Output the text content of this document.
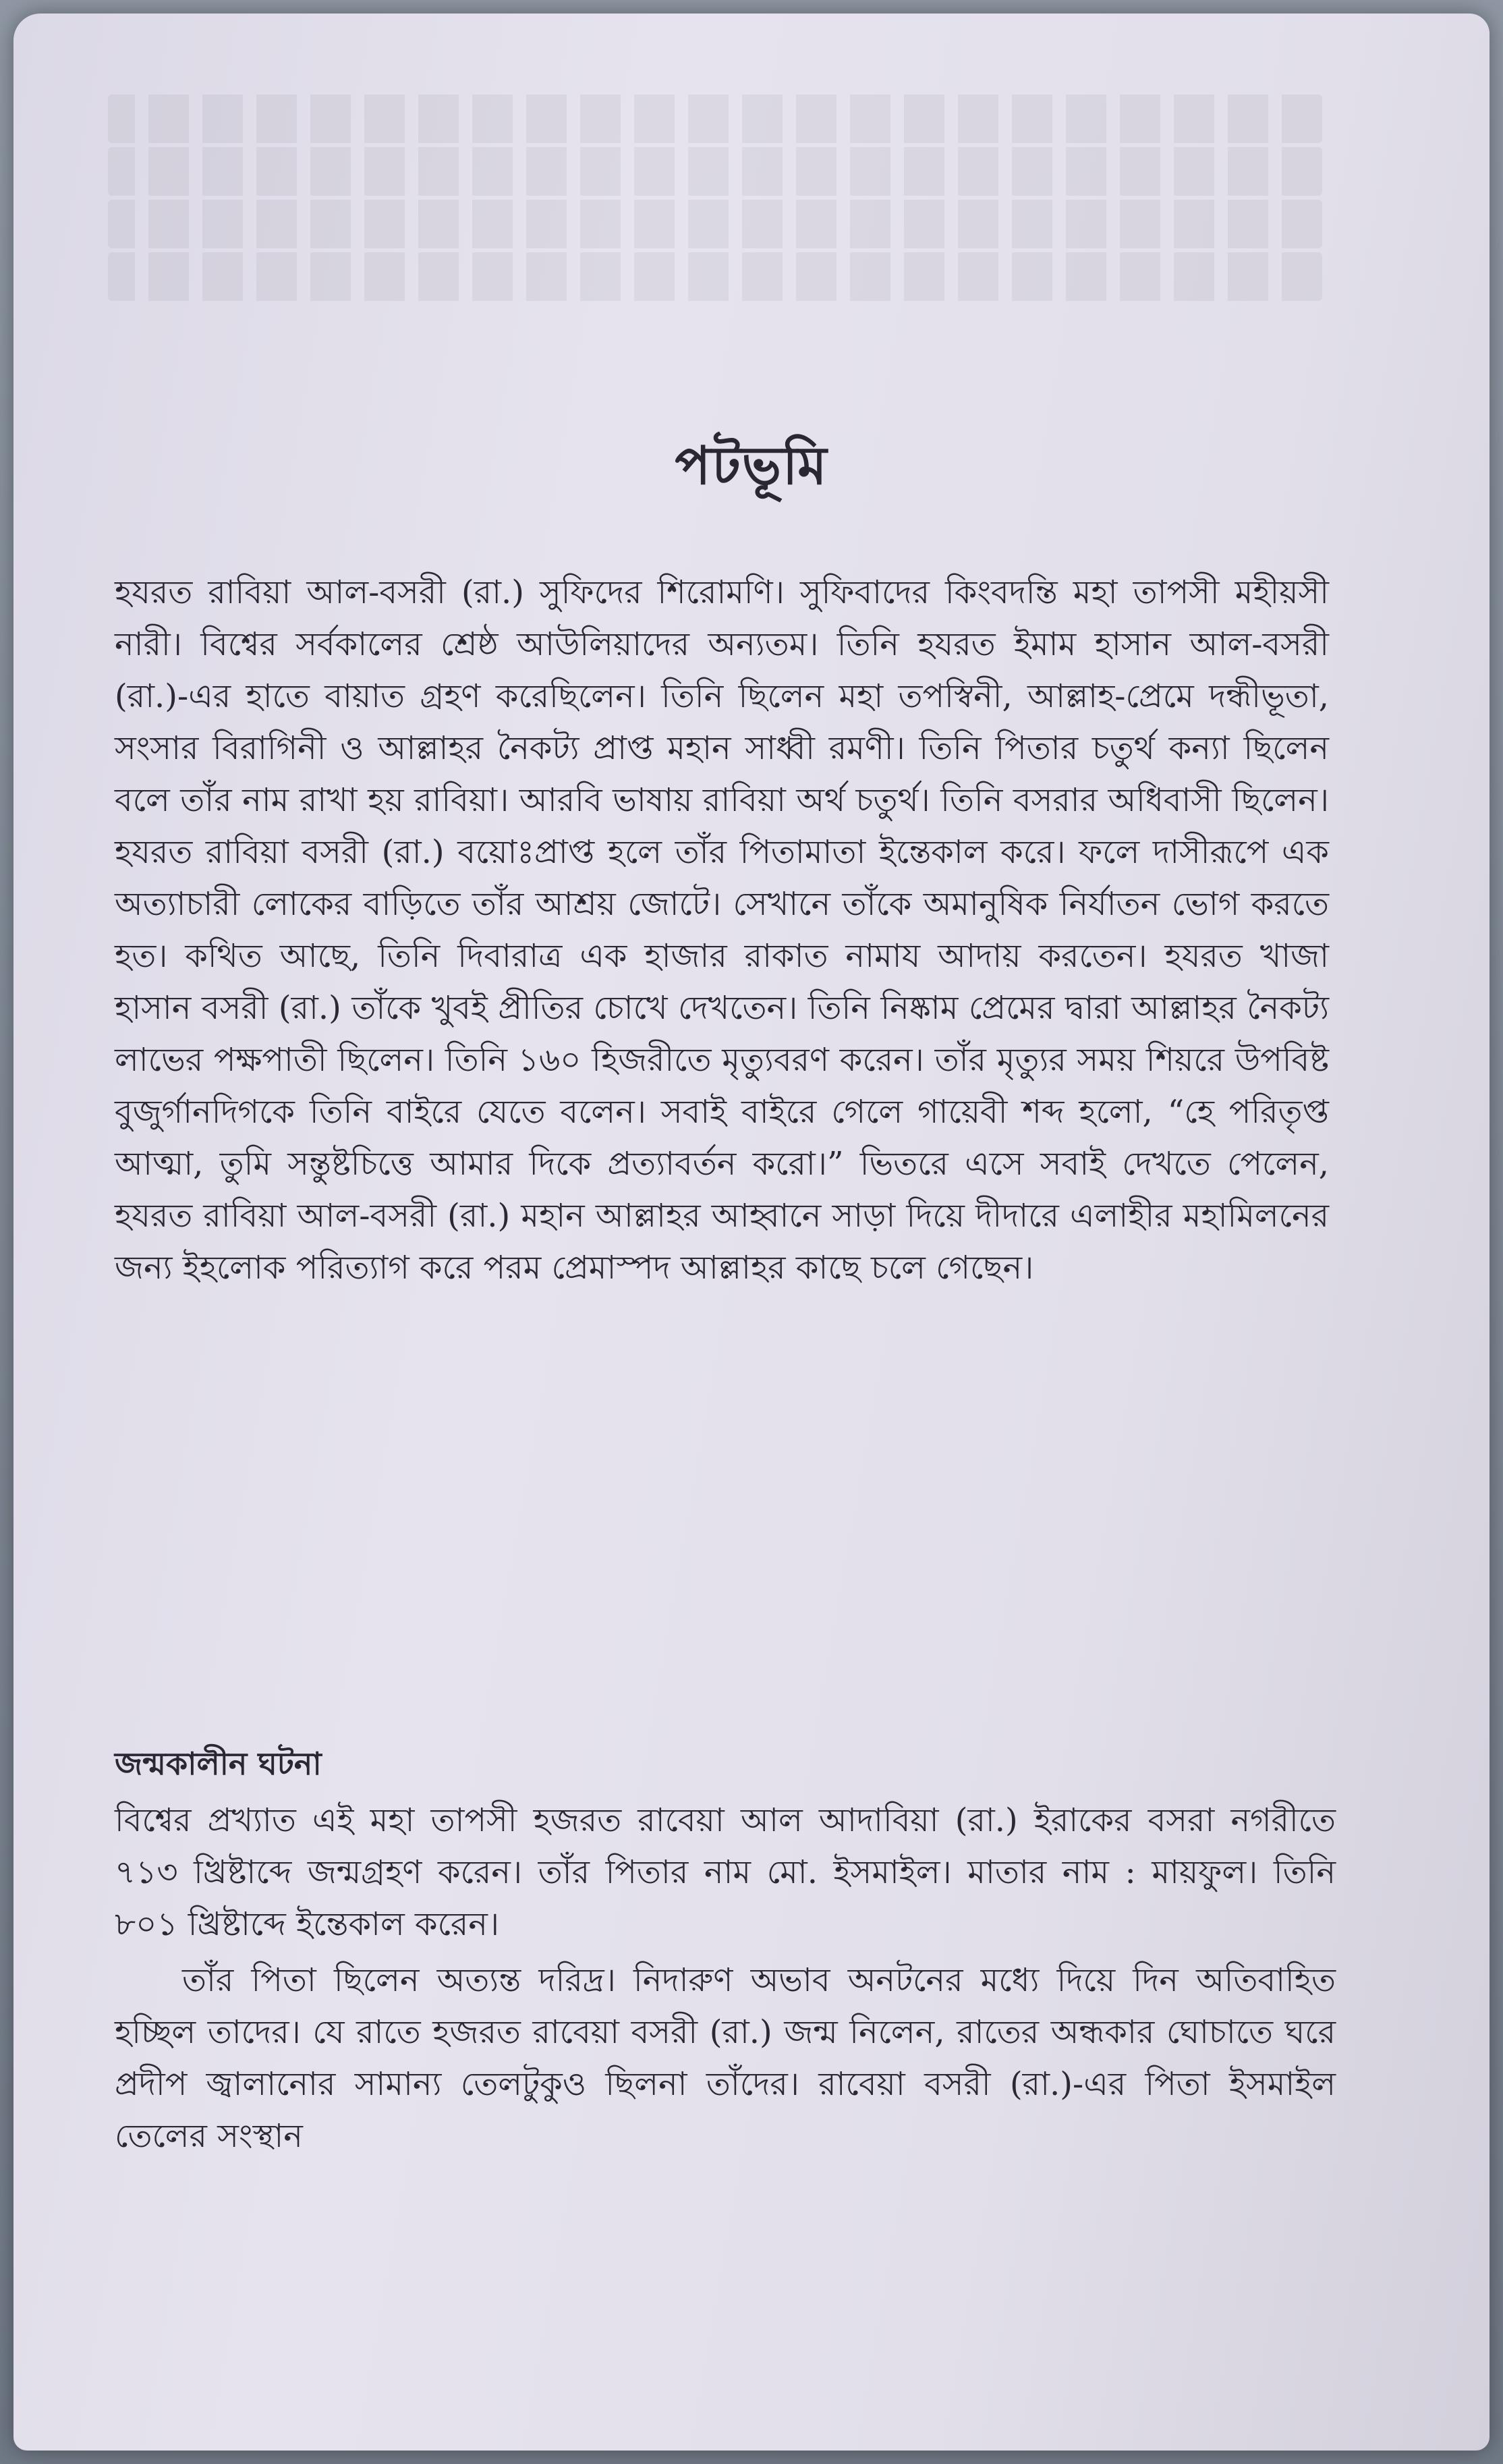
পটভূমি

হযরত রাবিয়া আল-বসরী (রা.) সুফিদের শিরোমণি। সুফিবাদের কিংবদন্তি মহা তাপসী মহীয়সী নারী। বিশ্বের সর্বকালের শ্রেষ্ঠ আউলিয়াদের অন্যতম। তিনি হযরত ইমাম হাসান আল-বসরী (রা.)-এর হাতে বায়াত গ্রহণ করেছিলেন। তিনি ছিলেন মহা তপস্বিনী, আল্লাহ-প্রেমে দন্ধীভূতা, সংসার বিরাগিনী ও আল্লাহর নৈকট্য প্রাপ্ত মহান সাধ্বী রমণী। তিনি পিতার চতুর্থ কন্যা ছিলেন বলে তাঁর নাম রাখা হয় রাবিয়া। আরবি ভাষায় রাবিয়া অর্থ চতুর্থ। তিনি বসরার অধিবাসী ছিলেন। হযরত রাবিয়া বসরী (রা.) বয়োঃপ্রাপ্ত হলে তাঁর পিতামাতা ইন্তেকাল করে। ফলে দাসীরূপে এক অত্যাচারী লোকের বাড়িতে তাঁর আশ্রয় জোটে। সেখানে তাঁকে অমানুষিক নির্যাতন ভোগ করতে হত। কথিত আছে, তিনি দিবারাত্র এক হাজার রাকাত নামায আদায় করতেন। হযরত খাজা হাসান বসরী (রা.) তাঁকে খুবই প্রীতির চোখে দেখতেন। তিনি নিষ্কাম প্রেমের দ্বারা আল্লাহর নৈকট্য লাভের পক্ষপাতী ছিলেন। তিনি ১৬০ হিজরীতে মৃত্যুবরণ করেন। তাঁর মৃত্যুর সময় শিয়রে উপবিষ্ট বুজুর্গানদিগকে তিনি বাইরে যেতে বলেন। সবাই বাইরে গেলে গায়েবী শব্দ হলো, “হে পরিতৃপ্ত আত্মা, তুমি সন্তুষ্টচিত্তে আমার দিকে প্রত্যাবর্তন করো।” ভিতরে এসে সবাই দেখতে পেলেন, হযরত রাবিয়া আল-বসরী (রা.) মহান আল্লাহর আহ্বানে সাড়া দিয়ে দীদারে এলাহীর মহামিলনের জন্য ইহলোক পরিত্যাগ করে পরম প্রেমাস্পদ আল্লাহর কাছে চলে গেছেন।

জন্মকালীন ঘটনা

বিশ্বের প্রখ্যাত এই মহা তাপসী হজরত রাবেয়া আল আদাবিয়া (রা.) ইরাকের বসরা নগরীতে ৭১৩ খ্রিষ্টাব্দে জন্মগ্রহণ করেন। তাঁর পিতার নাম মো. ইসমাইল। মাতার নাম : মায়ফুল। তিনি ৮০১ খ্রিষ্টাব্দে ইন্তেকাল করেন।

তাঁর পিতা ছিলেন অত্যন্ত দরিদ্র। নিদারুণ অভাব অনটনের মধ্যে দিয়ে দিন অতিবাহিত হচ্ছিল তাদের। যে রাতে হজরত রাবেয়া বসরী (রা.) জন্ম নিলেন, রাতের অন্ধকার ঘোচাতে ঘরে প্রদীপ জ্বালানোর সামান্য তেলটুকুও ছিলনা তাঁদের। রাবেয়া বসরী (রা.)-এর পিতা ইসমাইল তেলের সংস্থান
